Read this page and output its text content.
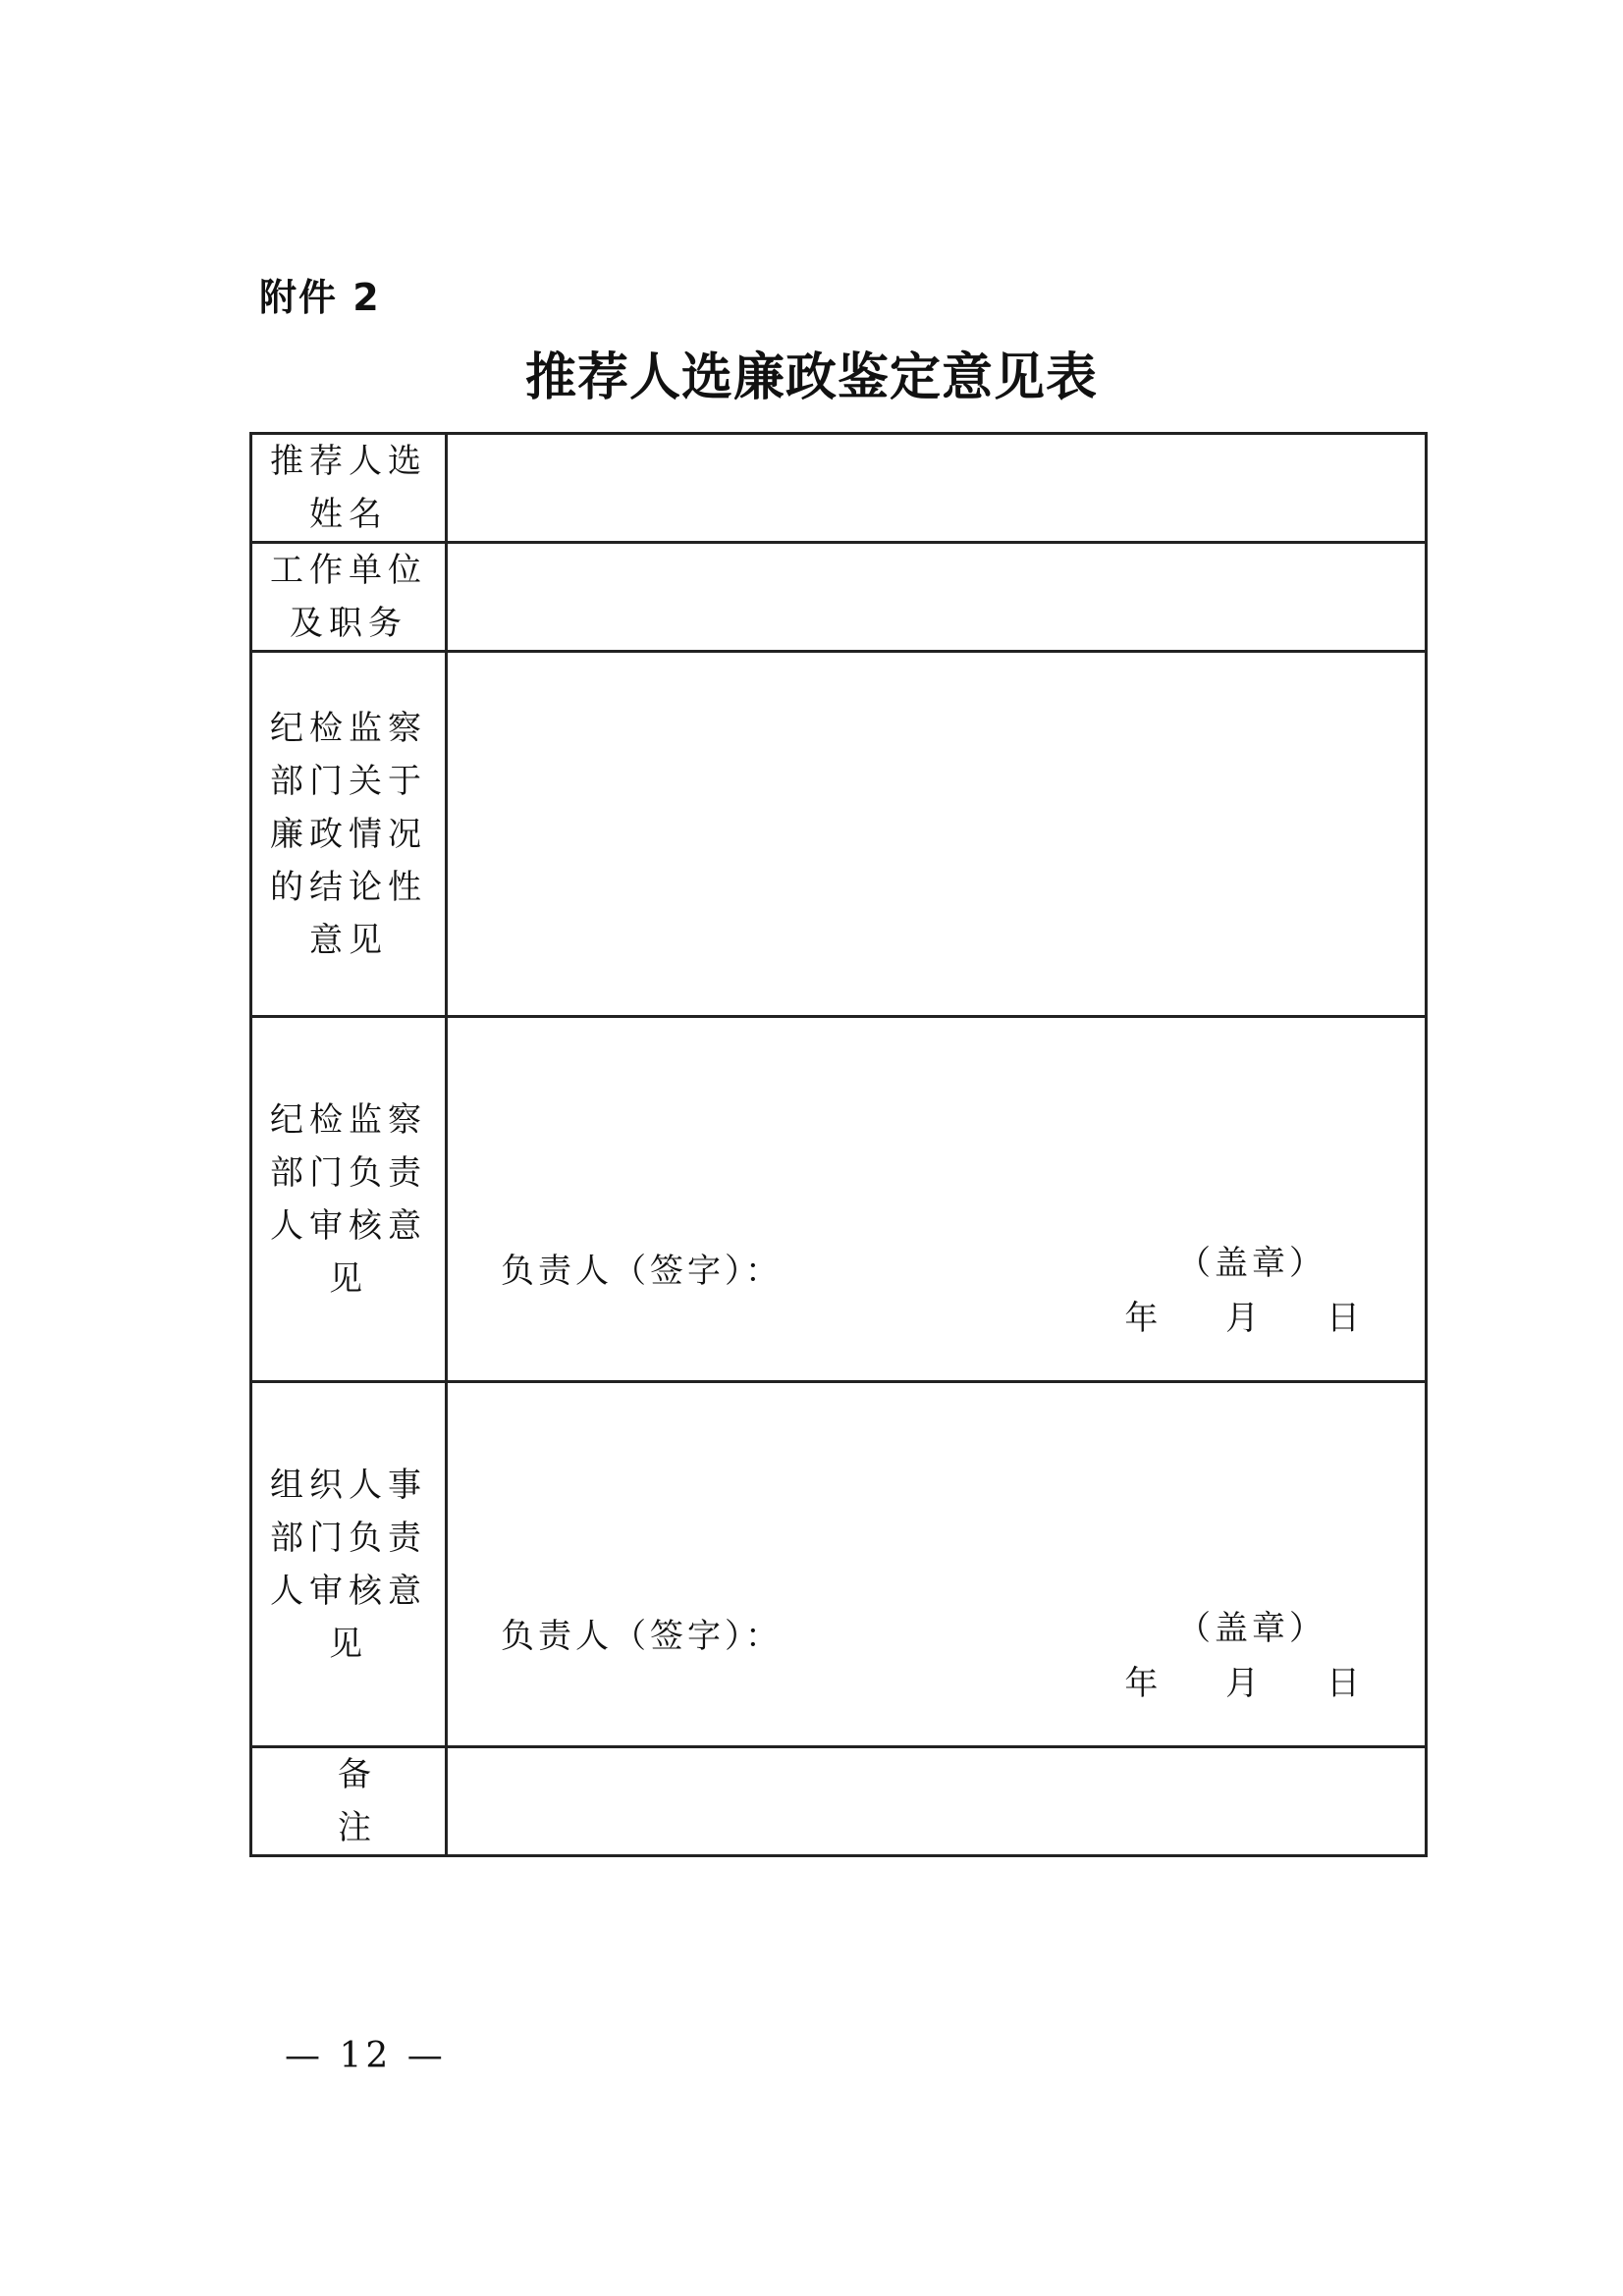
附件 2
推荐人选廉政鉴定意见表
推荐人选
姓名	

工作单位
及职务	

纪检监察
部门关于
廉政情况
的结论性
意见	

纪检监察
部门负责
人审核意
见	负责人（签字）： （盖章）
年 月 日

组织人事
部门负责
人审核意
见	负责人（签字）： （盖章）
年 月 日

备注	

— 12 —
